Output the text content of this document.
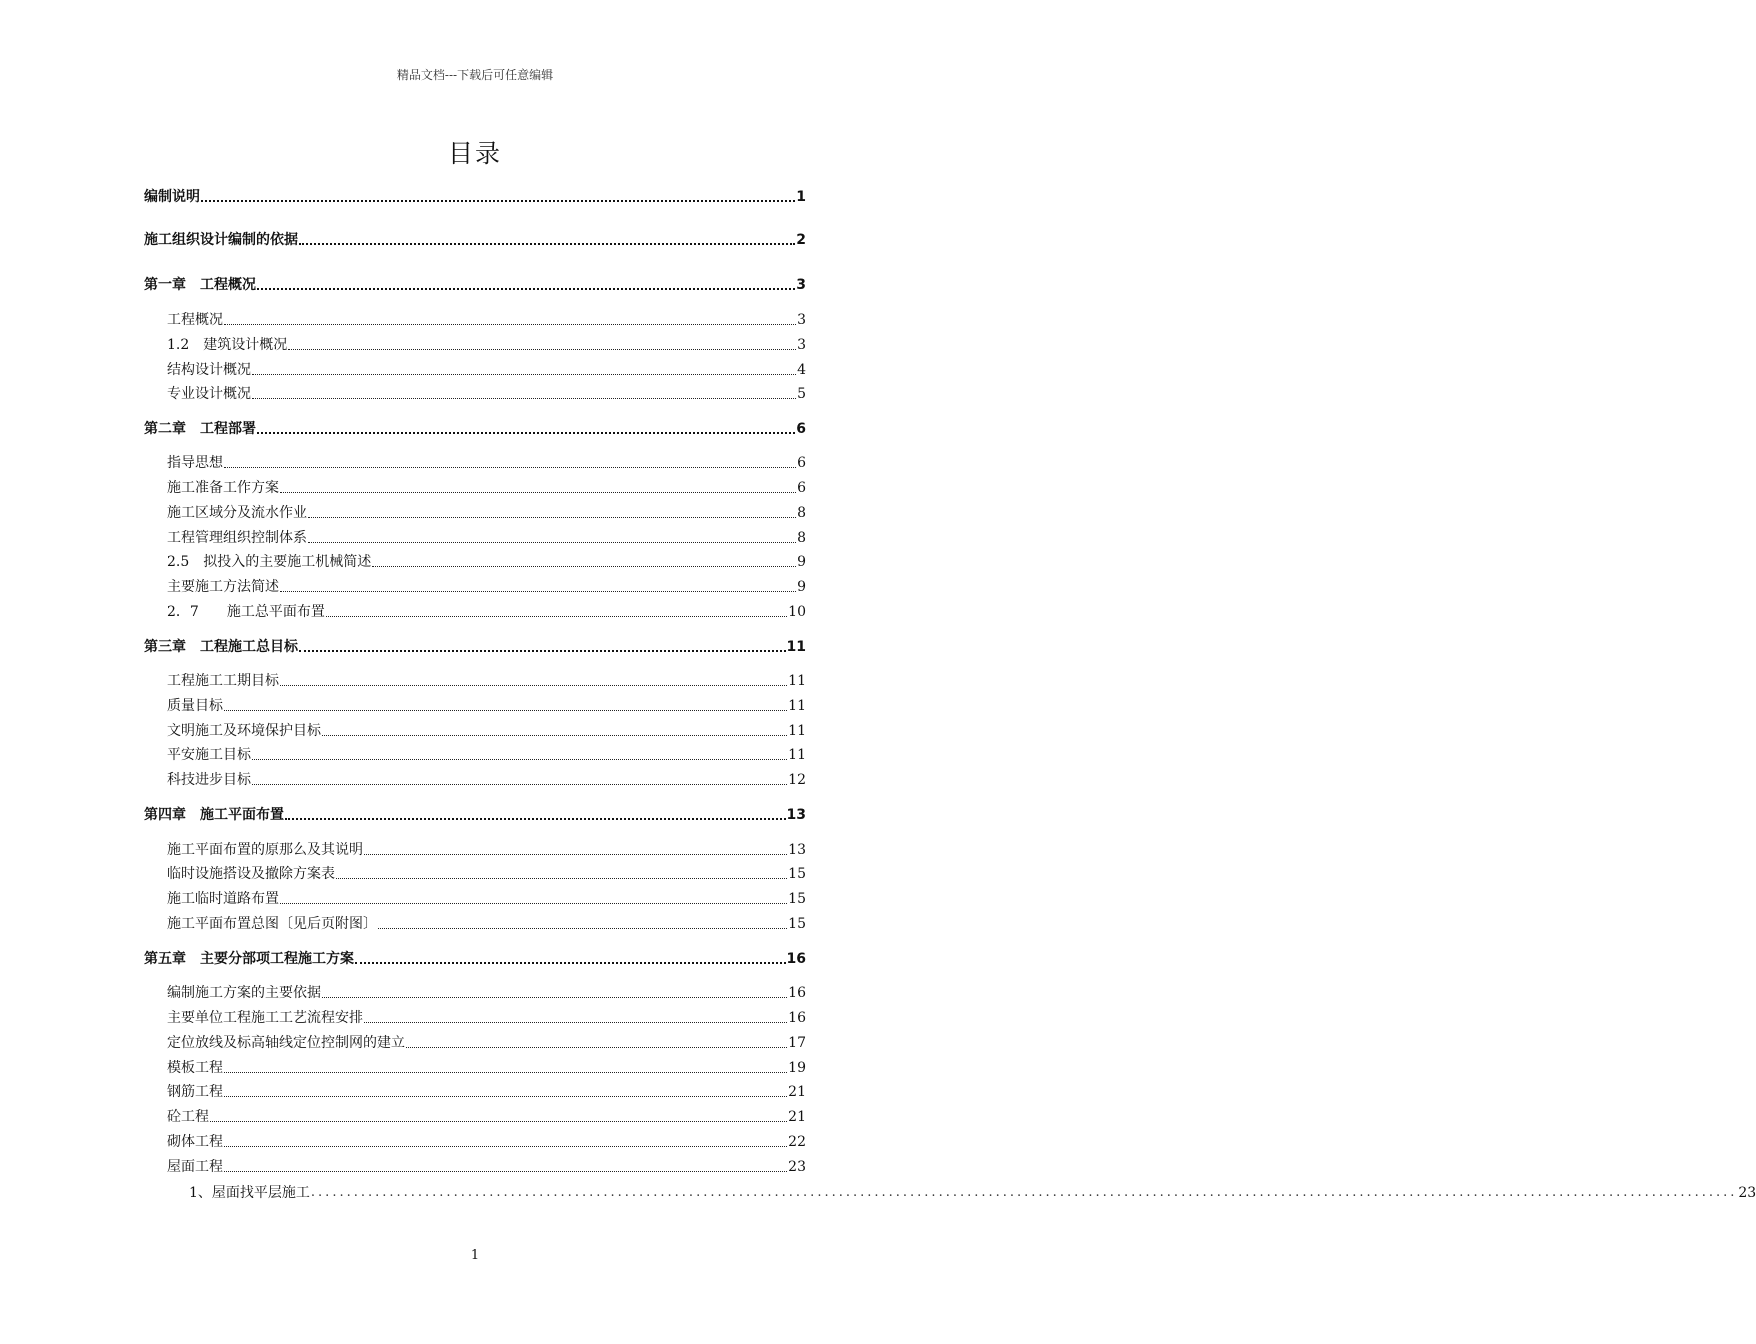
精品文档---下载后可任意编辑
目录
编制说明	1
施工组织设计编制的依据	2
第一章　工程概况	3
工程概况	3
1.2　建筑设计概况	3
结构设计概况	4
专业设计概况	5
第二章　工程部署	6
指导思想	6
施工准备工作方案	6
施工区域分及流水作业	8
工程管理组织控制体系	8
2.5　拟投入的主要施工机械简述	9
主要施工方法简述	9
2．7　　施工总平面布置	10
第三章　工程施工总目标	11
工程施工工期目标	11
质量目标	11
文明施工及环境保护目标	11
平安施工目标	11
科技进步目标	12
第四章　施工平面布置	13
施工平面布置的原那么及其说明	13
临时设施搭设及撤除方案表	15
施工临时道路布置	15
施工平面布置总图〔见后页附图〕	15
第五章　主要分部项工程施工方案	16
编制施工方案的主要依据	16
主要单位工程施工工艺流程安排	16
定位放线及标高轴线定位控制网的建立	17
模板工程	19
钢筋工程	21
砼工程	21
砌体工程	22
屋面工程	23
1、屋面找平层施工 ........................................................................................................................................................................................................ 23
1
